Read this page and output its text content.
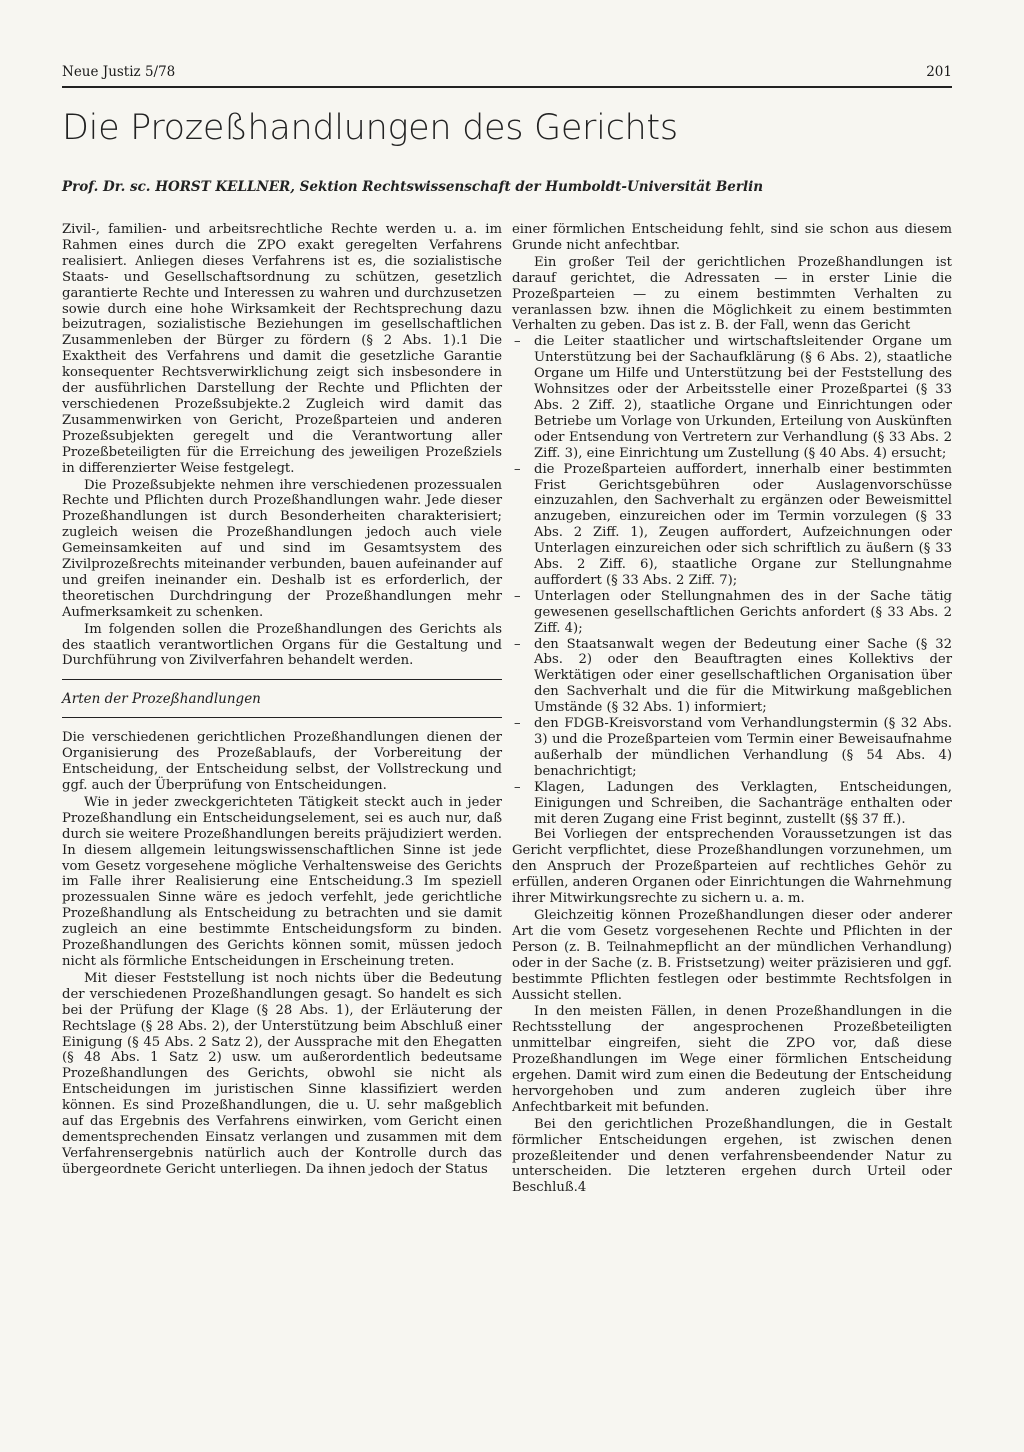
Neue Justiz 5/78	201
Die Prozeßhandlungen des Gerichts
Prof. Dr. sc. HORST KELLNER, Sektion Rechtswissenschaft der Humboldt-Universität Berlin

Zivil-, familien- und arbeitsrechtliche Rechte werden u. a. im Rahmen eines durch die ZPO exakt geregelten Verfahrens realisiert. Anliegen dieses Verfahrens ist es, die sozialistische Staats- und Gesellschaftsordnung zu schützen, gesetzlich garantierte Rechte und Interessen zu wahren und durchzusetzen sowie durch eine hohe Wirksamkeit der Rechtsprechung dazu beizutragen, sozialistische Beziehungen im gesellschaftlichen Zusammenleben der Bürger zu fördern (§ 2 Abs. 1).1 Die Exaktheit des Verfahrens und damit die gesetzliche Garantie konsequenter Rechtsverwirklichung zeigt sich insbesondere in der ausführlichen Darstellung der Rechte und Pflichten der verschiedenen Prozeßsubjekte.2 Zugleich wird damit das Zusammenwirken von Gericht, Prozeßparteien und anderen Prozeßsubjekten geregelt und die Verantwortung aller Prozeßbeteiligten für die Erreichung des jeweiligen Prozeßziels in differenzierter Weise festgelegt.

Die Prozeßsubjekte nehmen ihre verschiedenen prozessualen Rechte und Pflichten durch Prozeßhandlungen wahr. Jede dieser Prozeßhandlungen ist durch Besonderheiten charakterisiert; zugleich weisen die Prozeßhandlungen jedoch auch viele Gemeinsamkeiten auf und sind im Gesamtsystem des Zivilprozeßrechts miteinander verbunden, bauen aufeinander auf und greifen ineinander ein. Deshalb ist es erforderlich, der theoretischen Durchdringung der Prozeßhandlungen mehr Aufmerksamkeit zu schenken.

Im folgenden sollen die Prozeßhandlungen des Gerichts als des staatlich verantwortlichen Organs für die Gestaltung und Durchführung von Zivilverfahren behandelt werden.

Arten der Prozeßhandlungen

Die verschiedenen gerichtlichen Prozeßhandlungen dienen der Organisierung des Prozeßablaufs, der Vorbereitung der Entscheidung, der Entscheidung selbst, der Vollstreckung und ggf. auch der Überprüfung von Entscheidungen.

Wie in jeder zweckgerichteten Tätigkeit steckt auch in jeder Prozeßhandlung ein Entscheidungselement, sei es auch nur, daß durch sie weitere Prozeßhandlungen bereits präjudiziert werden. In diesem allgemein leitungswissenschaftlichen Sinne ist jede vom Gesetz vorgesehene mögliche Verhaltensweise des Gerichts im Falle ihrer Realisierung eine Entscheidung.3 Im speziell prozessualen Sinne wäre es jedoch verfehlt, jede gerichtliche Prozeßhandlung als Entscheidung zu betrachten und sie damit zugleich an eine bestimmte Entscheidungsform zu binden. Prozeßhandlungen des Gerichts können somit, müssen jedoch nicht als förmliche Entscheidungen in Erscheinung treten.

Mit dieser Feststellung ist noch nichts über die Bedeutung der verschiedenen Prozeßhandlungen gesagt. So handelt es sich bei der Prüfung der Klage (§ 28 Abs. 1), der Erläuterung der Rechtslage (§ 28 Abs. 2), der Unterstützung beim Abschluß einer Einigung (§ 45 Abs. 2 Satz 2), der Aussprache mit den Ehegatten (§ 48 Abs. 1 Satz 2) usw. um außerordentlich bedeutsame Prozeßhandlungen des Gerichts, obwohl sie nicht als Entscheidungen im juristischen Sinne klassifiziert werden können. Es sind Prozeßhandlungen, die u. U. sehr maßgeblich auf das Ergebnis des Verfahrens einwirken, vom Gericht einen dementsprechenden Einsatz verlangen und zusammen mit dem Verfahrensergebnis natürlich auch der Kontrolle durch das übergeordnete Gericht unterliegen. Da ihnen jedoch der Status

einer förmlichen Entscheidung fehlt, sind sie schon aus diesem Grunde nicht anfechtbar.

Ein großer Teil der gerichtlichen Prozeßhandlungen ist darauf gerichtet, die Adressaten — in erster Linie die Prozeßparteien — zu einem bestimmten Verhalten zu veranlassen bzw. ihnen die Möglichkeit zu einem bestimmten Verhalten zu geben. Das ist z. B. der Fall, wenn das Gericht

– die Leiter staatlicher und wirtschaftsleitender Organe um Unterstützung bei der Sachaufklärung (§ 6 Abs. 2), staatliche Organe um Hilfe und Unterstützung bei der Feststellung des Wohnsitzes oder der Arbeitsstelle einer Prozeßpartei (§ 33 Abs. 2 Ziff. 2), staatliche Organe und Einrichtungen oder Betriebe um Vorlage von Urkunden, Erteilung von Auskünften oder Entsendung von Vertretern zur Verhandlung (§ 33 Abs. 2 Ziff. 3), eine Einrichtung um Zustellung (§ 40 Abs. 4) ersucht;
– die Prozeßparteien auffordert, innerhalb einer bestimmten Frist Gerichtsgebühren oder Auslagenvorschüsse einzuzahlen, den Sachverhalt zu ergänzen oder Beweismittel anzugeben, einzureichen oder im Termin vorzulegen (§ 33 Abs. 2 Ziff. 1), Zeugen auffordert, Aufzeichnungen oder Unterlagen einzureichen oder sich schriftlich zu äußern (§ 33 Abs. 2 Ziff. 6), staatliche Organe zur Stellungnahme auffordert (§ 33 Abs. 2 Ziff. 7);
– Unterlagen oder Stellungnahmen des in der Sache tätig gewesenen gesellschaftlichen Gerichts anfordert (§ 33 Abs. 2 Ziff. 4);
– den Staatsanwalt wegen der Bedeutung einer Sache (§ 32 Abs. 2) oder den Beauftragten eines Kollektivs der Werktätigen oder einer gesellschaftlichen Organisation über den Sachverhalt und die für die Mitwirkung maßgeblichen Umstände (§ 32 Abs. 1) informiert;
– den FDGB-Kreisvorstand vom Verhandlungstermin (§ 32 Abs. 3) und die Prozeßparteien vom Termin einer Beweisaufnahme außerhalb der mündlichen Verhandlung (§ 54 Abs. 4) benachrichtigt;
– Klagen, Ladungen des Verklagten, Entscheidungen, Einigungen und Schreiben, die Sachanträge enthalten oder mit deren Zugang eine Frist beginnt, zustellt (§§ 37 ff.).

Bei Vorliegen der entsprechenden Voraussetzungen ist das Gericht verpflichtet, diese Prozeßhandlungen vorzunehmen, um den Anspruch der Prozeßparteien auf rechtliches Gehör zu erfüllen, anderen Organen oder Einrichtungen die Wahrnehmung ihrer Mitwirkungsrechte zu sichern u. a. m.

Gleichzeitig können Prozeßhandlungen dieser oder anderer Art die vom Gesetz vorgesehenen Rechte und Pflichten in der Person (z. B. Teilnahmepflicht an der mündlichen Verhandlung) oder in der Sache (z. B. Fristsetzung) weiter präzisieren und ggf. bestimmte Pflichten festlegen oder bestimmte Rechtsfolgen in Aussicht stellen.

In den meisten Fällen, in denen Prozeßhandlungen in die Rechtsstellung der angesprochenen Prozeßbeteiligten unmittelbar eingreifen, sieht die ZPO vor, daß diese Prozeßhandlungen im Wege einer förmlichen Entscheidung ergehen. Damit wird zum einen die Bedeutung der Entscheidung hervorgehoben und zum anderen zugleich über ihre Anfechtbarkeit mit befunden.

Bei den gerichtlichen Prozeßhandlungen, die in Gestalt förmlicher Entscheidungen ergehen, ist zwischen denen prozeßleitender und denen verfahrensbeendender Natur zu unterscheiden. Die letzteren ergehen durch Urteil oder Beschluß.4
